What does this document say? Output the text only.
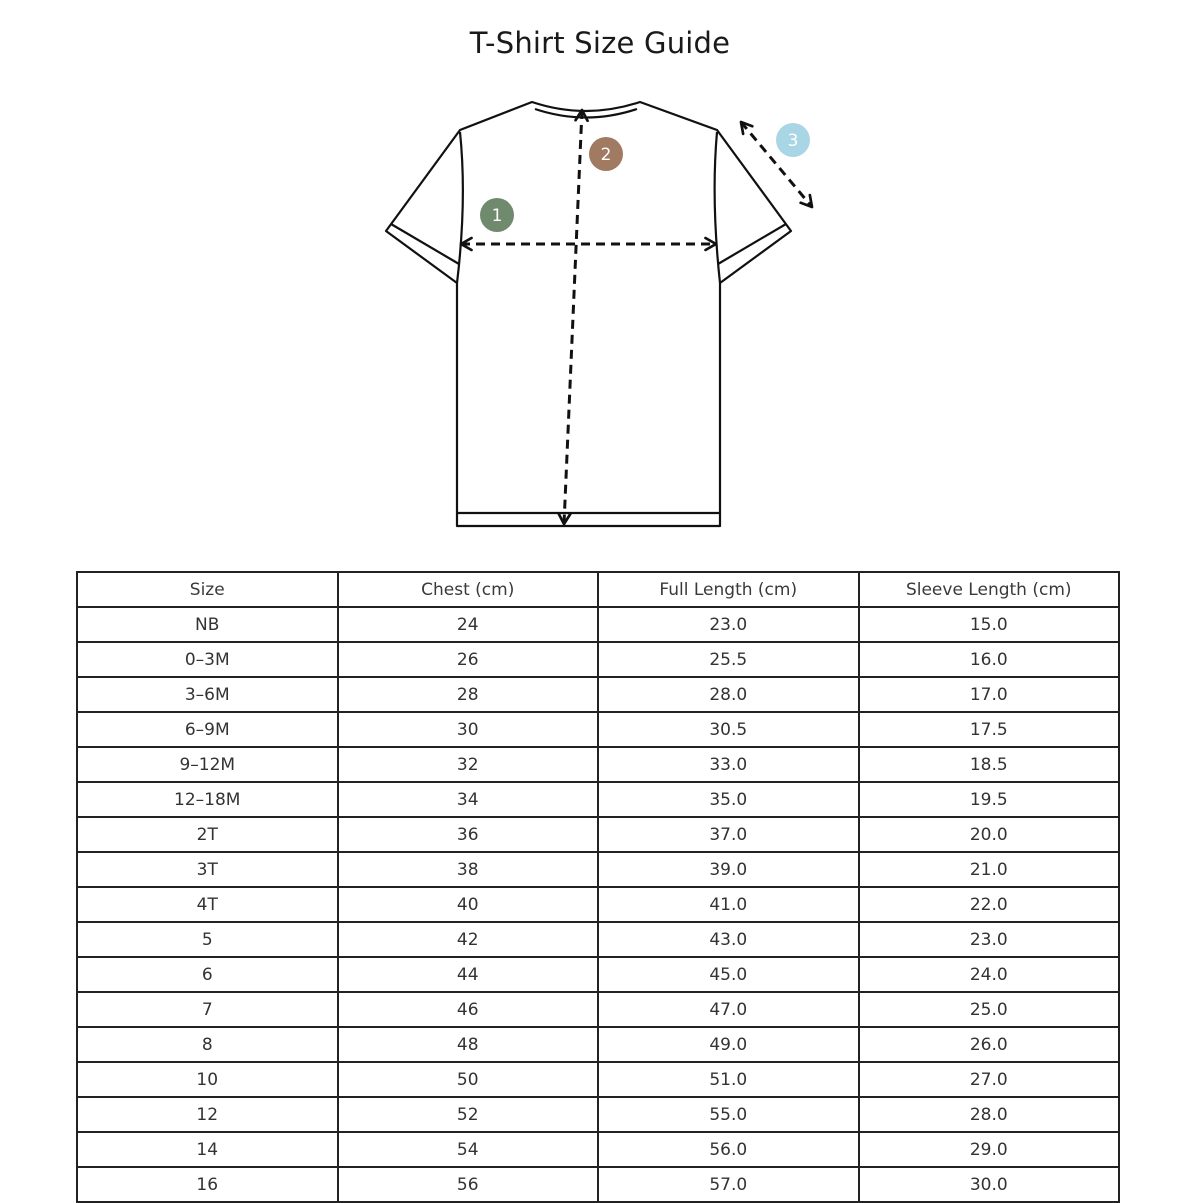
T-Shirt Size Guide
1
2
3
Size	Chest (cm)	Full Length (cm)	Sleeve Length (cm)
NB	24	23.0	15.0
0–3M	26	25.5	16.0
3–6M	28	28.0	17.0
6–9M	30	30.5	17.5
9–12M	32	33.0	18.5
12–18M	34	35.0	19.5
2T	36	37.0	20.0
3T	38	39.0	21.0
4T	40	41.0	22.0
5	42	43.0	23.0
6	44	45.0	24.0
7	46	47.0	25.0
8	48	49.0	26.0
10	50	51.0	27.0
12	52	55.0	28.0
14	54	56.0	29.0
16	56	57.0	30.0
